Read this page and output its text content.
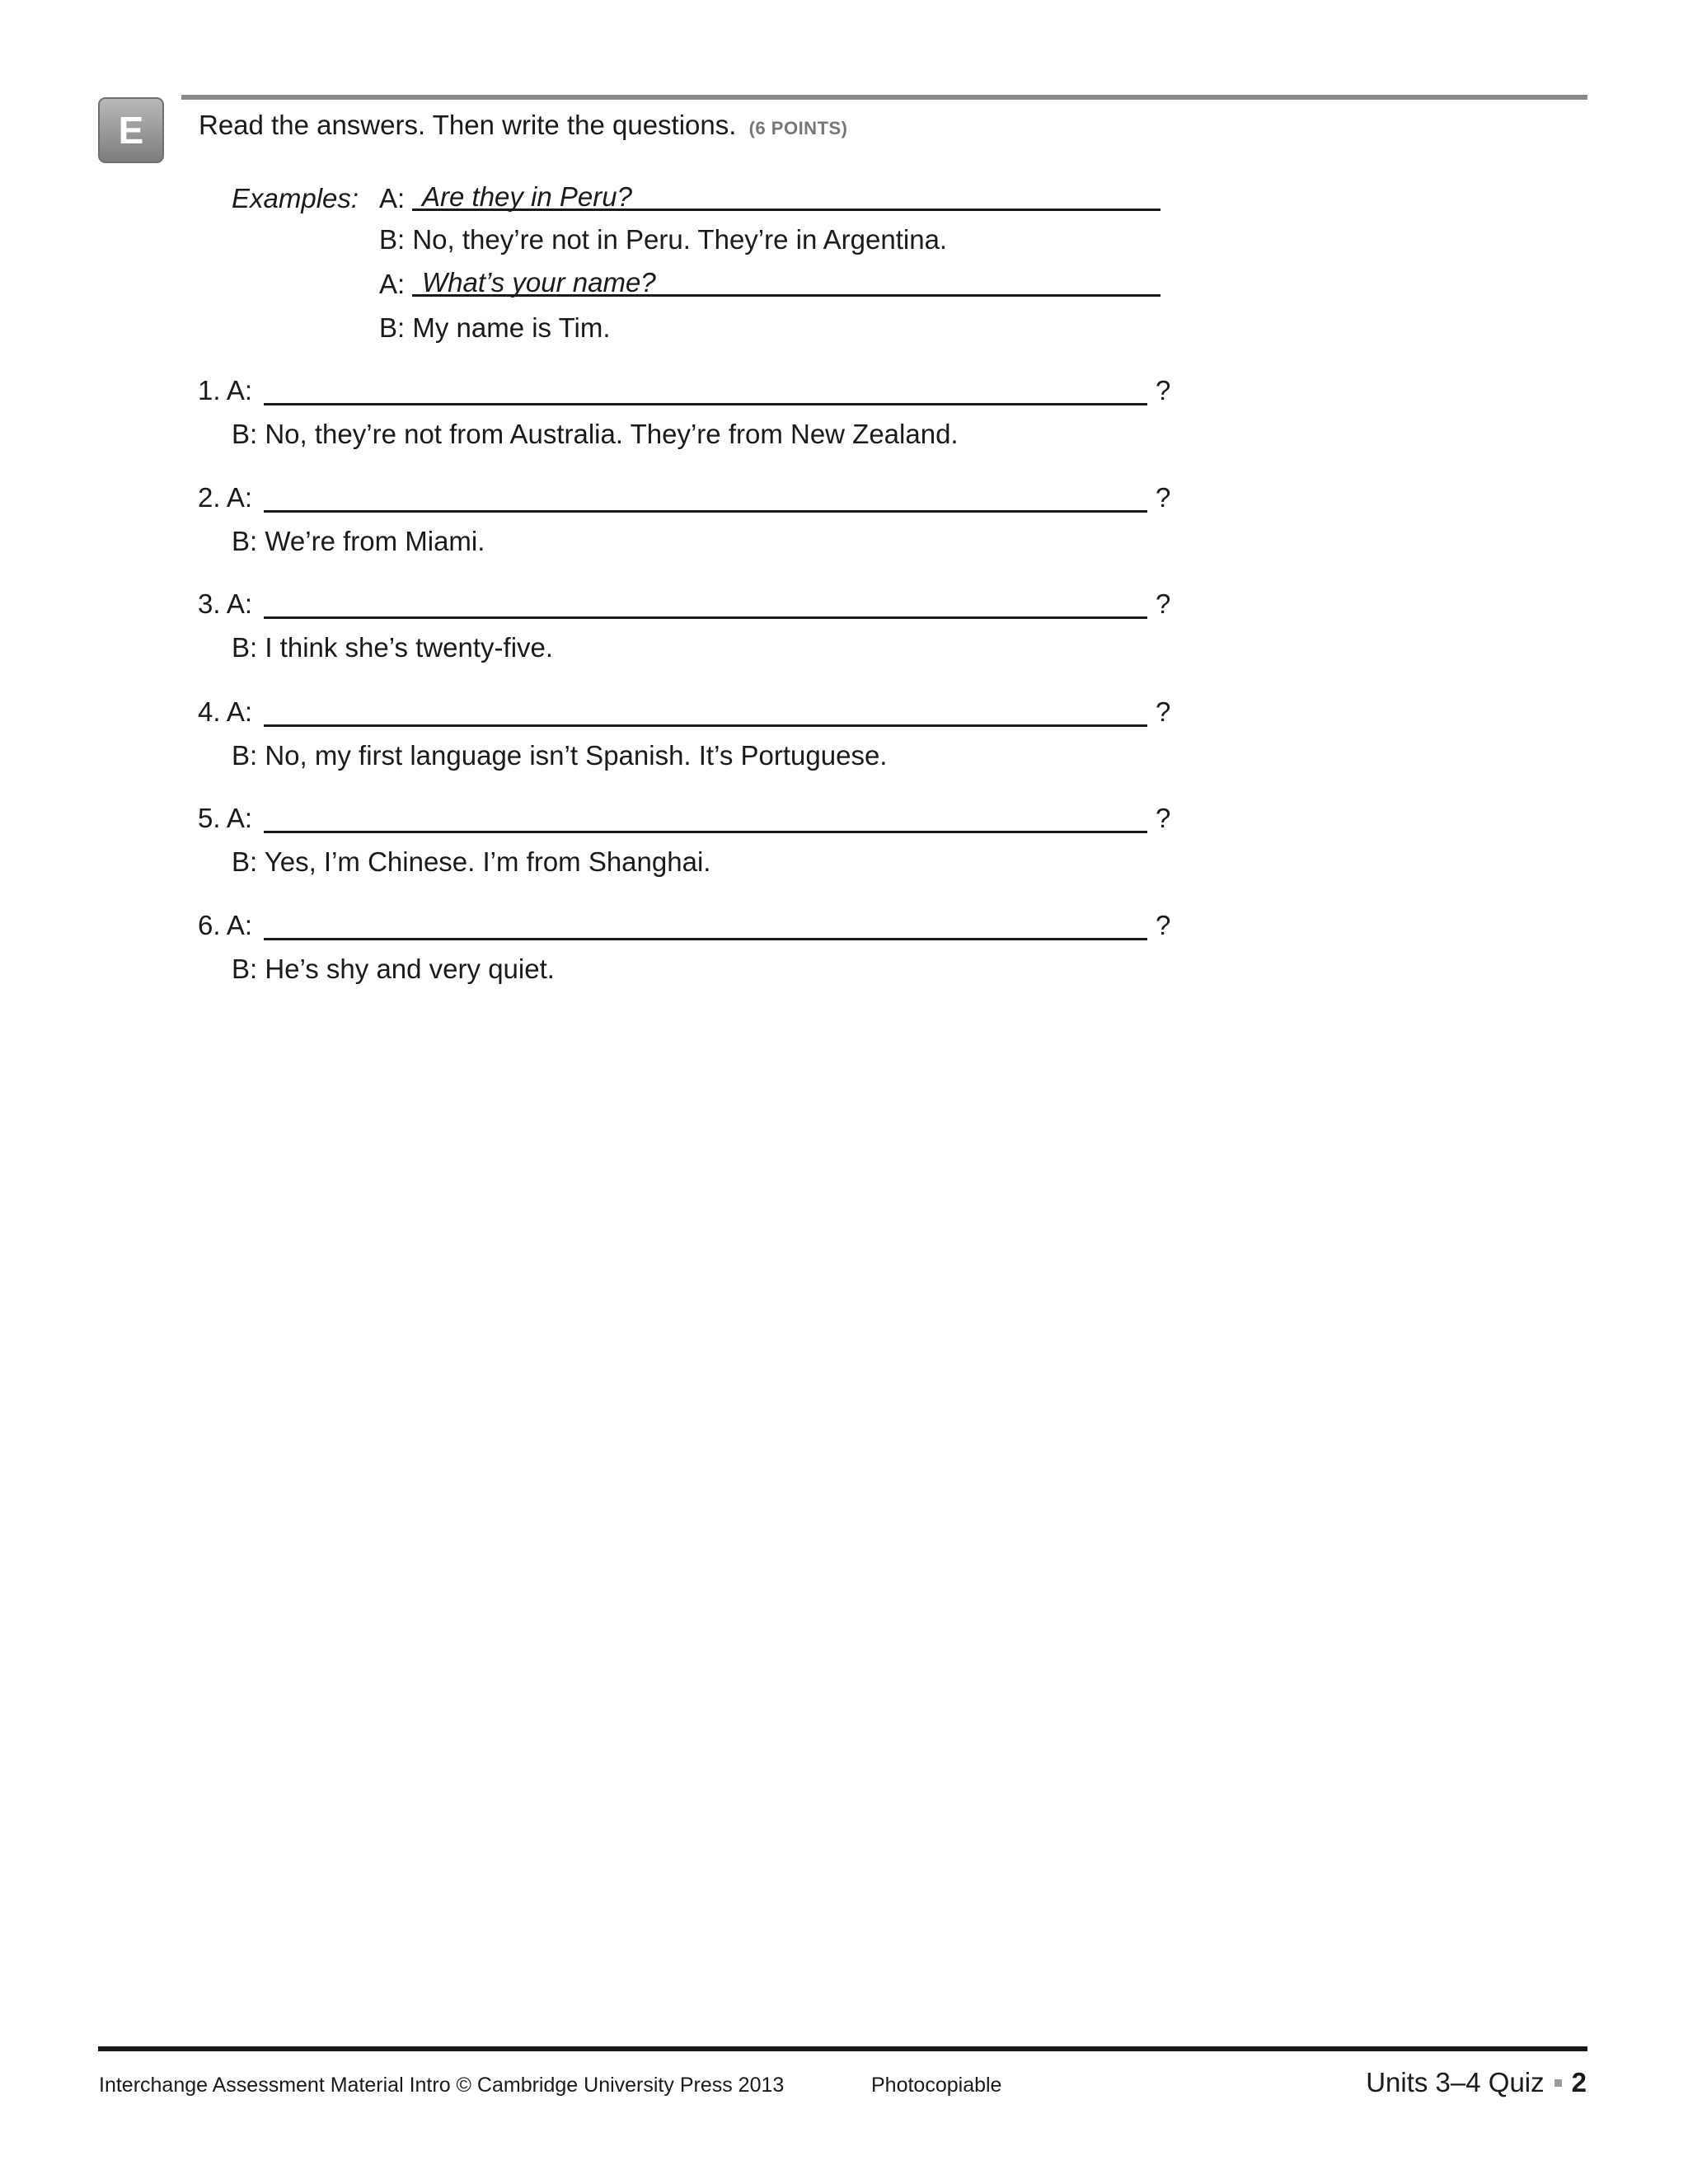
E	Read the answers. Then write the questions. (6 POINTS)
Examples: A: Are they in Peru?
B: No, they’re not in Peru. They’re in Argentina.
A: What’s your name?
B: My name is Tim.
1. A:	?
B: No, they’re not from Australia. They’re from New Zealand.
2. A:	?
B: We’re from Miami.
3. A:	?
B: I think she’s twenty-five.
4. A:	?
B: No, my first language isn’t Spanish. It’s Portuguese.
5. A:	?
B: Yes, I’m Chinese. I’m from Shanghai.
6. A:	?
B: He’s shy and very quiet.
Interchange Assessment Material Intro © Cambridge University Press 2013	Photocopiable	Units 3–4 Quiz 2
